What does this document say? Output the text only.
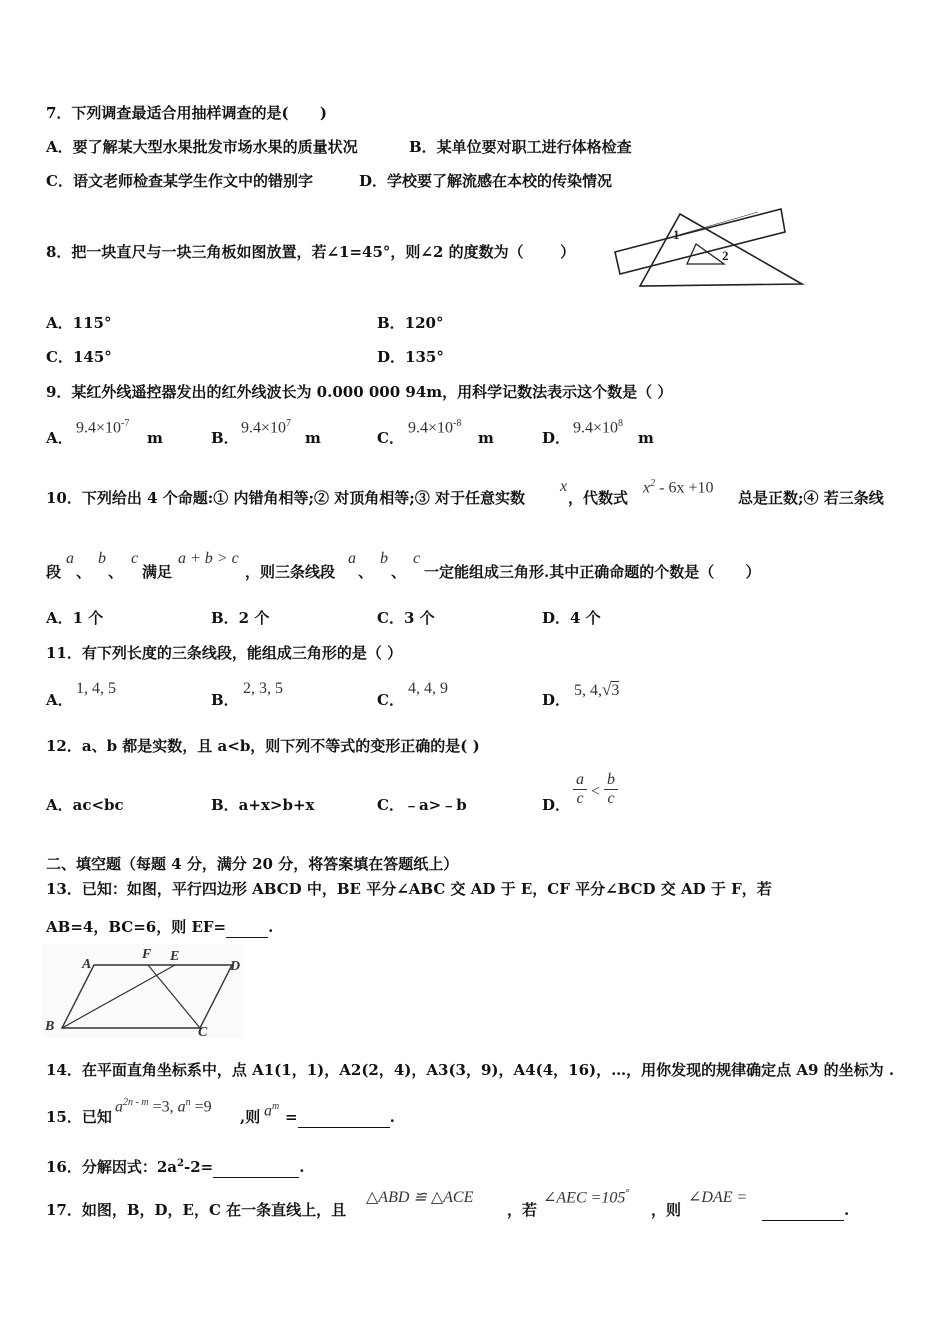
7．下列调查最适合用抽样调查的是(      )
A．要了解某大型水果批发市场水果的质量状况	B．某单位要对职工进行体格检查
C．语文老师检查某学生作文中的错别字	D．学校要了解流感在本校的传染情况
8．把一块直尺与一块三角板如图放置，若∠1=45°，则∠2 的度数为（       ）
1
2
A．115°	B．120°
C．145°	D．135°
9．某红外线遥控器发出的红外线波长为 0.000 000 94m，用科学记数法表示这个数是（ ）
A．
$9.4\times 10^{-7}$
m	B．
$9.4\times 10^7$
m	C．
$9.4\times 10^{-8}$
m	D．
$9.4\times 10^8$
m
10．下列给出 4 个命题:① 内错角相等;② 对顶角相等;③ 对于任意实数
x
，代数式
$x^2 - 6x +10$
总是正数;④ 若三条线
段
a
、
b
、
c
满足
a + b > c
，则三条线段
a
、
b
、
c
一定能组成三角形.其中正确命题的个数是（      ）
A．1 个	B．2 个	C．3 个	D．4 个
11．有下列长度的三条线段，能组成三角形的是（ ）
A．
1, 4, 5
B．
2, 3, 5
C．
4, 4, 9
D．
5, 4,√3
12．a、b 都是实数，且 a<b，则下列不等式的变形正确的是( )
A．ac<bc	B．a+x>b+x	C．﹣a>﹣b	D．
a
c <
b
c
二、填空题（每题 4 分，满分 20 分，将答案填在答题纸上）
13．已知：如图，平行四边形 ABCD 中，BE 平分∠ABC 交 AD 于 E，CF 平分∠BCD 交 AD 于 F，若
AB=4，BC=6，则 EF=	.
A
F E
D
B	C
14．在平面直角坐标系中，点 A1(1，1)，A2(2，4)，A3(3，9)，A4(4，16)，…，用你发现的规律确定点 A9 的坐标为 .
15．已知
$a^{2n - m} =3$, $a^n =9$
,则 $a^m$
=	.
16．分解因式：$2a^2-2=$	.
17．如图，B，D，E，C 在一条直线上，且
△ABD ≌ △ACE
，若
∠AEC =105°
，则
∠DAE =
.
